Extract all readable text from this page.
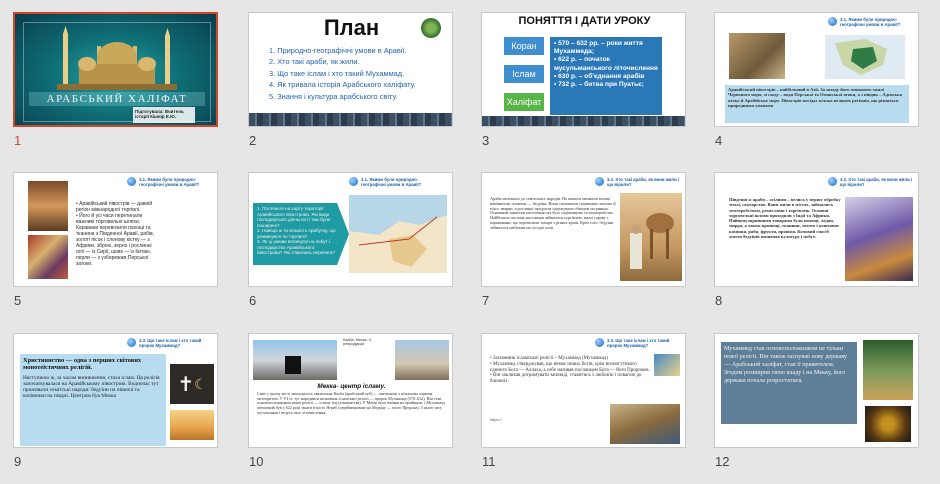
АРАБСЬКИЙ ХАЛІФАТ
Підготувала: Вчитель історії Кішнір Е.Ю.
1
План
1. Природно-географічні умови в Аравії.
2. Хто такі араби, як жили.
3. Що таке іслам і хто такий Мухаммад.
4. Як тривала історія Арабського халіфату.
5. Знання і культура арабського світу.
2
ПОНЯТТЯ І ДАТИ УРОКУ
Коран
Іслам
Халіфат
• 570 – 632 рр. – роки життя Мухаммеда;
• 622 р. – початок мусульманського літочислення
• 630 р. – об'єднання арабів
• 732 р. – битва при Пуатьє;
3
3.1. Якими були природно-географічні умови в Аравії?
Аравійський півострів – найбільший в Азії. За заходу його омивають хвилі Червоного моря, зі сходу – води Перської та Оманської атоки, а з півдня – Аденська атока й Арабійське море. Півострів посідає кілька великих регіонів, що різняться природними умовами
4
3.1. Якими були природно-географічні умови в Аравії?
• Аравійський півострів — давній регіон міжнародної торгівлі.
• Його й усі часи перетинали важливі торговельні шляхи. Каравани перевозили пахощі та тканини з Південної Аравії, рабів, золоті пісок і слонову кістку — з Африки, зброю, зерно і рослинні олії — із Сирії, шовк — із Китаю, перли — з узбережжя Перської затоки.
5
3.1. Якими були природно-географічні умови в Аравії?
1. Погляньте на карту території Аравійського півострова. Які види господарської діяльності там були поширені?
2. Навіщо ж та кількість прибутку, що розвинувся по торгівлі?
3. Як ці умови вплинули на побут і господарство Аравійського півострова? Які з'явились переваги?
6
3.2. Хто такі араби, як вони жили і що вірили?
Араби належали до семітських народів. На півночі мешкали кочові напівкочові племена — бедуїни. Вони споживали переважно молоко й м'ясо тварин, а рослинні продукти одержували обміном на ринках. Основним заняттям населення оаз було садівництво та землеробство. Найбільша частина населення займалася торгівлею, мали справу з караванами, що перевозили товари з різних країн. Крім того, бедуїни займалися набігами на сусідні оази.
7
3.2. Хто такі араби, як вони жили і що вірили?
Південні ж араби – осілими – велись у першу обробку землі, скотарство. Вони жили в містах, займались землеробством, ремеслами і торгівлею. Основні торговельні шляхи проходили з Індії та Африки. Найпопулярнішими товарами були пахощі, ладан, мирра, а також прянощі, тканини, золото і коштовне каміння, раби, фрукти, провізія. Кочовий спосіб життя бедуїнів визначав культуру і побут.
8
3.3. Що таке іслам і хто такий пророк Мухаммад?
Християнство — одна з перших світових монотеїстичних релігій.
Наступною ж, за часом виникнення, стала іслам. Ця релігія започаткувалася на Аравійському півострові. Водночас тут проживали семітські народи: бедуїни на півночі та кочівники на півдні. Центром був Мекка
✝ ☾
9
Кааба, Мекка, X, репродукція
Мекка- центр ісламу.
Саме у цьому місті знаходилось святилище Кааба (арабський куб) — святилище з кількаома чорним метеоритом. У VI ст. тут народився засновник ісламської релігії — пророк Мухаммад (570–632). Він став основоположником нової релігії — ісламу (мусульманства). У Мекці його вчення не прийняли, і Мухаммад змушений був у 622 році тікати в місто Ятриб (перейменоване на Медину — місто Пророка). З цього часу мусульмани і ведуть своє літочислення.
10
3.3. Що таке іслам і хто такий пророк Мухаммад?
• Засновник ісламської релігії – Мухаммед (Мухаммад)
• Мухаммед стверджував, що немає інших богів, крім всемогутнього єдиного Бога — Аллаха, а себе називав посланцем Бога — його Пророком.
• Він закликав дотримувати заповіді, ставитись з любов'ю і повагою до ближніх.
https://
11
Мухаммед став основоположником не тільки нової релігії. Він також заснував нову державу — Арабський халіфат, став її правителем. Згодом розширив свою владу і на Мекку, його держава почала розростатися.
12
